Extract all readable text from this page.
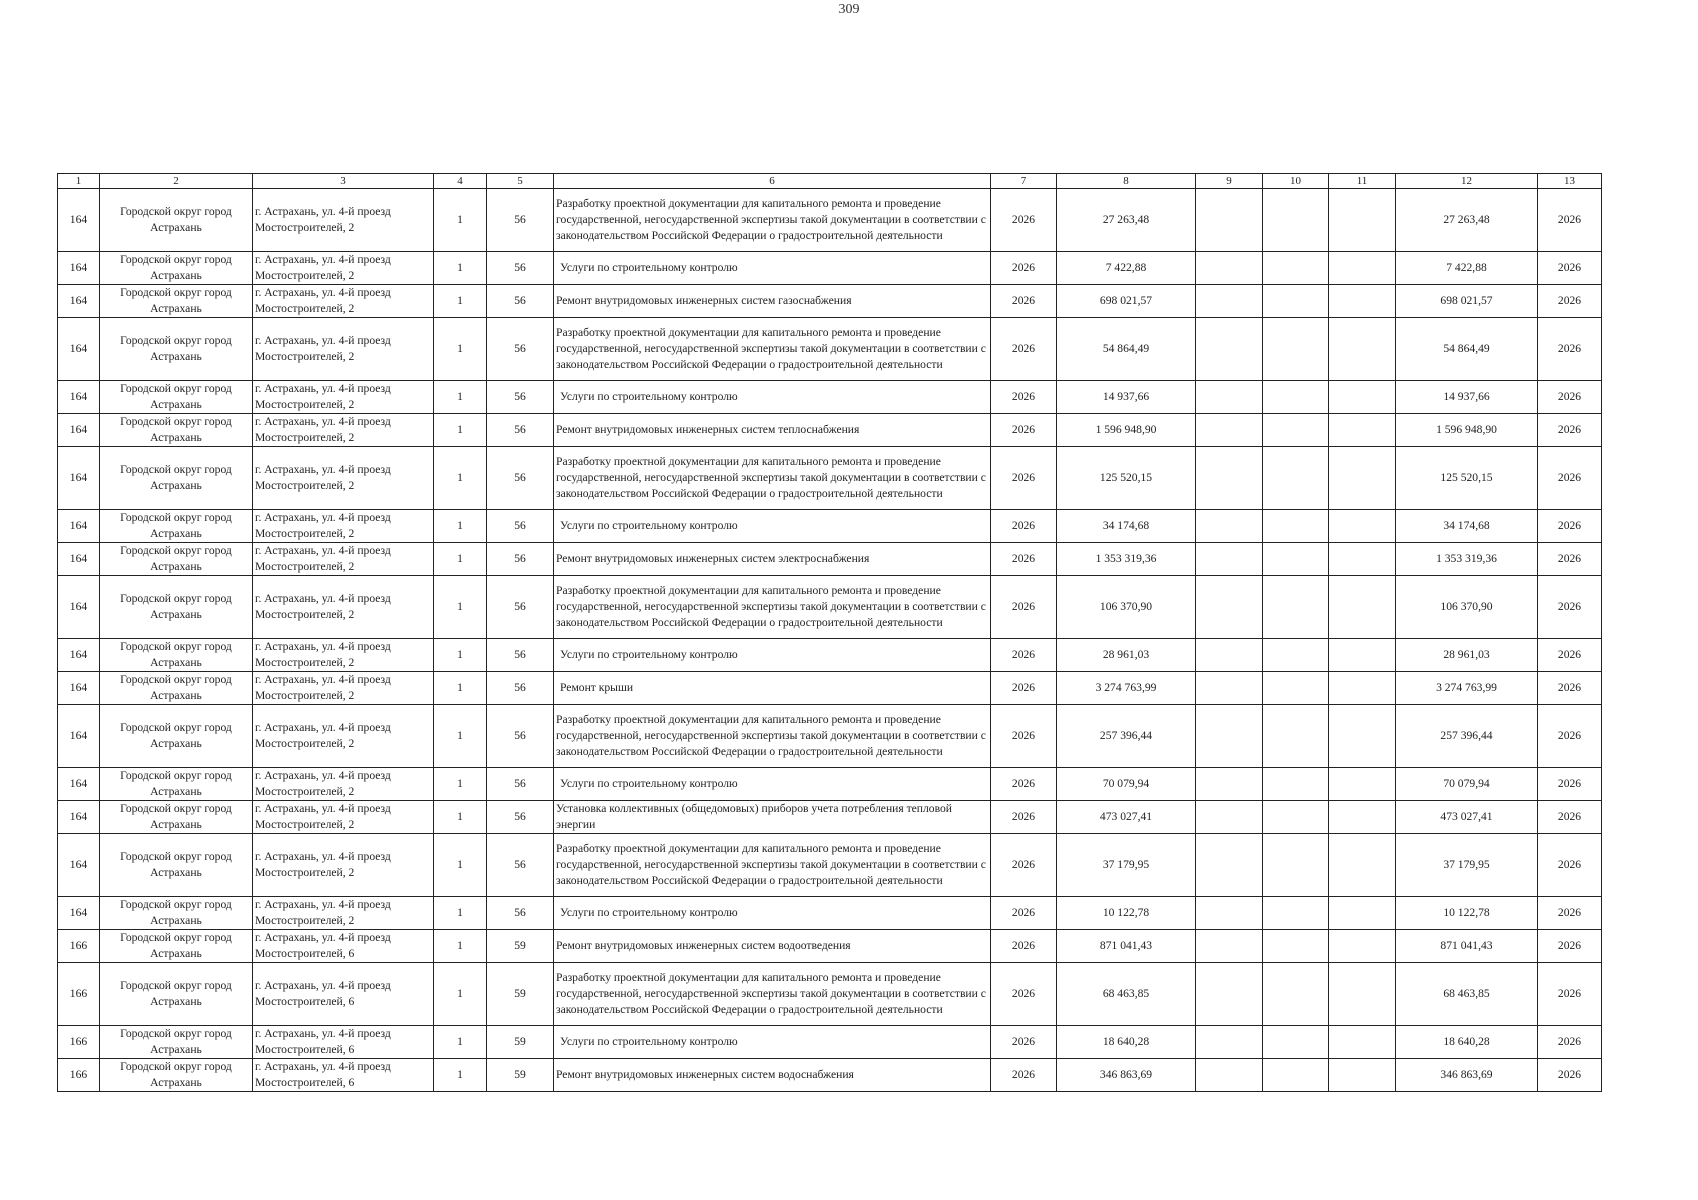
309
1	2	3	4	5	6	7	8	9	10	11	12	13
164	Городской округ город Астрахань	г. Астрахань, ул. 4-й проезд Мостостроителей, 2	1	56	Разработку проектной документации для капитального ремонта и проведение государственной, негосударственной экспертизы такой документации в соответствии с законодательством Российской Федерации о градостроительной деятельности	2026	27 263,48				27 263,48	2026
164	Городской округ город Астрахань	г. Астрахань, ул. 4-й проезд Мостостроителей, 2	1	56	Услуги по строительному контролю	2026	7 422,88				7 422,88	2026
164	Городской округ город Астрахань	г. Астрахань, ул. 4-й проезд Мостостроителей, 2	1	56	Ремонт внутридомовых инженерных систем газоснабжения	2026	698 021,57				698 021,57	2026
164	Городской округ город Астрахань	г. Астрахань, ул. 4-й проезд Мостостроителей, 2	1	56	Разработку проектной документации для капитального ремонта и проведение государственной, негосударственной экспертизы такой документации в соответствии с законодательством Российской Федерации о градостроительной деятельности	2026	54 864,49				54 864,49	2026
164	Городской округ город Астрахань	г. Астрахань, ул. 4-й проезд Мостостроителей, 2	1	56	Услуги по строительному контролю	2026	14 937,66				14 937,66	2026
164	Городской округ город Астрахань	г. Астрахань, ул. 4-й проезд Мостостроителей, 2	1	56	Ремонт внутридомовых инженерных систем теплоснабжения	2026	1 596 948,90				1 596 948,90	2026
164	Городской округ город Астрахань	г. Астрахань, ул. 4-й проезд Мостостроителей, 2	1	56	Разработку проектной документации для капитального ремонта и проведение государственной, негосударственной экспертизы такой документации в соответствии с законодательством Российской Федерации о градостроительной деятельности	2026	125 520,15				125 520,15	2026
164	Городской округ город Астрахань	г. Астрахань, ул. 4-й проезд Мостостроителей, 2	1	56	Услуги по строительному контролю	2026	34 174,68				34 174,68	2026
164	Городской округ город Астрахань	г. Астрахань, ул. 4-й проезд Мостостроителей, 2	1	56	Ремонт внутридомовых инженерных систем электроснабжения	2026	1 353 319,36				1 353 319,36	2026
164	Городской округ город Астрахань	г. Астрахань, ул. 4-й проезд Мостостроителей, 2	1	56	Разработку проектной документации для капитального ремонта и проведение государственной, негосударственной экспертизы такой документации в соответствии с законодательством Российской Федерации о градостроительной деятельности	2026	106 370,90				106 370,90	2026
164	Городской округ город Астрахань	г. Астрахань, ул. 4-й проезд Мостостроителей, 2	1	56	Услуги по строительному контролю	2026	28 961,03				28 961,03	2026
164	Городской округ город Астрахань	г. Астрахань, ул. 4-й проезд Мостостроителей, 2	1	56	Ремонт крыши	2026	3 274 763,99				3 274 763,99	2026
164	Городской округ город Астрахань	г. Астрахань, ул. 4-й проезд Мостостроителей, 2	1	56	Разработку проектной документации для капитального ремонта и проведение государственной, негосударственной экспертизы такой документации в соответствии с законодательством Российской Федерации о градостроительной деятельности	2026	257 396,44				257 396,44	2026
164	Городской округ город Астрахань	г. Астрахань, ул. 4-й проезд Мостостроителей, 2	1	56	Услуги по строительному контролю	2026	70 079,94				70 079,94	2026
164	Городской округ город Астрахань	г. Астрахань, ул. 4-й проезд Мостостроителей, 2	1	56	Установка коллективных (общедомовых) приборов учета потребления тепловой энергии	2026	473 027,41				473 027,41	2026
164	Городской округ город Астрахань	г. Астрахань, ул. 4-й проезд Мостостроителей, 2	1	56	Разработку проектной документации для капитального ремонта и проведение государственной, негосударственной экспертизы такой документации в соответствии с законодательством Российской Федерации о градостроительной деятельности	2026	37 179,95				37 179,95	2026
164	Городской округ город Астрахань	г. Астрахань, ул. 4-й проезд Мостостроителей, 2	1	56	Услуги по строительному контролю	2026	10 122,78				10 122,78	2026
166	Городской округ город Астрахань	г. Астрахань, ул. 4-й проезд Мостостроителей, 6	1	59	Ремонт внутридомовых инженерных систем водоотведения	2026	871 041,43				871 041,43	2026
166	Городской округ город Астрахань	г. Астрахань, ул. 4-й проезд Мостостроителей, 6	1	59	Разработку проектной документации для капитального ремонта и проведение государственной, негосударственной экспертизы такой документации в соответствии с законодательством Российской Федерации о градостроительной деятельности	2026	68 463,85				68 463,85	2026
166	Городской округ город Астрахань	г. Астрахань, ул. 4-й проезд Мостостроителей, 6	1	59	Услуги по строительному контролю	2026	18 640,28				18 640,28	2026
166	Городской округ город Астрахань	г. Астрахань, ул. 4-й проезд Мостостроителей, 6	1	59	Ремонт внутридомовых инженерных систем водоснабжения	2026	346 863,69				346 863,69	2026
